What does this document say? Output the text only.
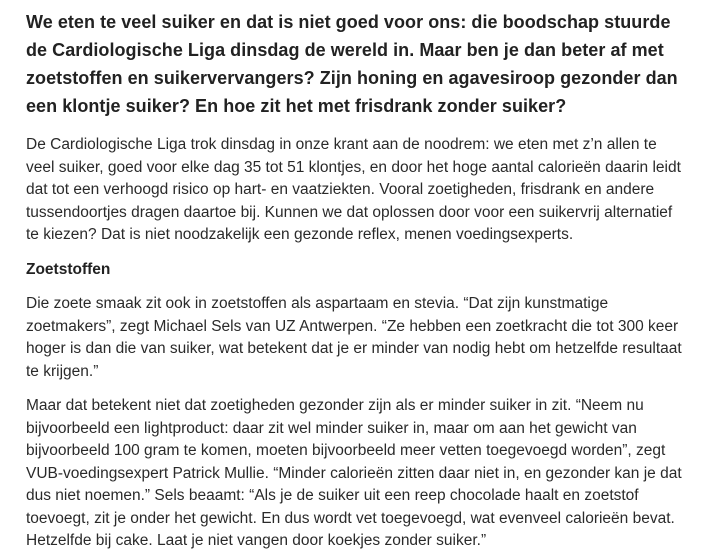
We eten te veel suiker en dat is niet goed voor ons: die boodschap stuurde de Cardiologische Liga dinsdag de wereld in. Maar ben je dan beter af met zoetstoffen en suikervervangers? Zijn honing en agavesiroop gezonder dan een klontje suiker? En hoe zit het met frisdrank zonder suiker?

De Cardiologische Liga trok dinsdag in onze krant aan de noodrem: we eten met z’n allen te veel suiker, goed voor elke dag 35 tot 51 klontjes, en door het hoge aantal calorieën daarin leidt dat tot een verhoogd risico op hart- en vaatziekten. Vooral zoetigheden, frisdrank en andere tussendoortjes dragen daartoe bij. Kunnen we dat oplossen door voor een suikervrij alternatief te kiezen? Dat is niet noodzakelijk een gezonde reflex, menen voedingsexperts.

Zoetstoffen

Die zoete smaak zit ook in zoetstoffen als aspartaam en stevia. “Dat zijn kunstmatige zoetmakers”, zegt Michael Sels van UZ Antwerpen. “Ze hebben een zoetkracht die tot 300 keer hoger is dan die van suiker, wat betekent dat je er minder van nodig hebt om hetzelfde resultaat te krijgen.”

Maar dat betekent niet dat zoetigheden gezonder zijn als er minder suiker in zit. “Neem nu bijvoorbeeld een lightproduct: daar zit wel minder suiker in, maar om aan het gewicht van bijvoorbeeld 100 gram te komen, moeten bijvoorbeeld meer vetten toegevoegd worden”, zegt VUB-voedingsexpert Patrick Mullie. “Minder calorieën zitten daar niet in, en gezonder kan je dat dus niet noemen.” Sels beaamt: “Als je de suiker uit een reep chocolade haalt en zoetstof toevoegt, zit je onder het gewicht. En dus wordt vet toegevoegd, wat evenveel calorieën bevat. Hetzelfde bij cake. Laat je niet vangen door koekjes zonder suiker.”
